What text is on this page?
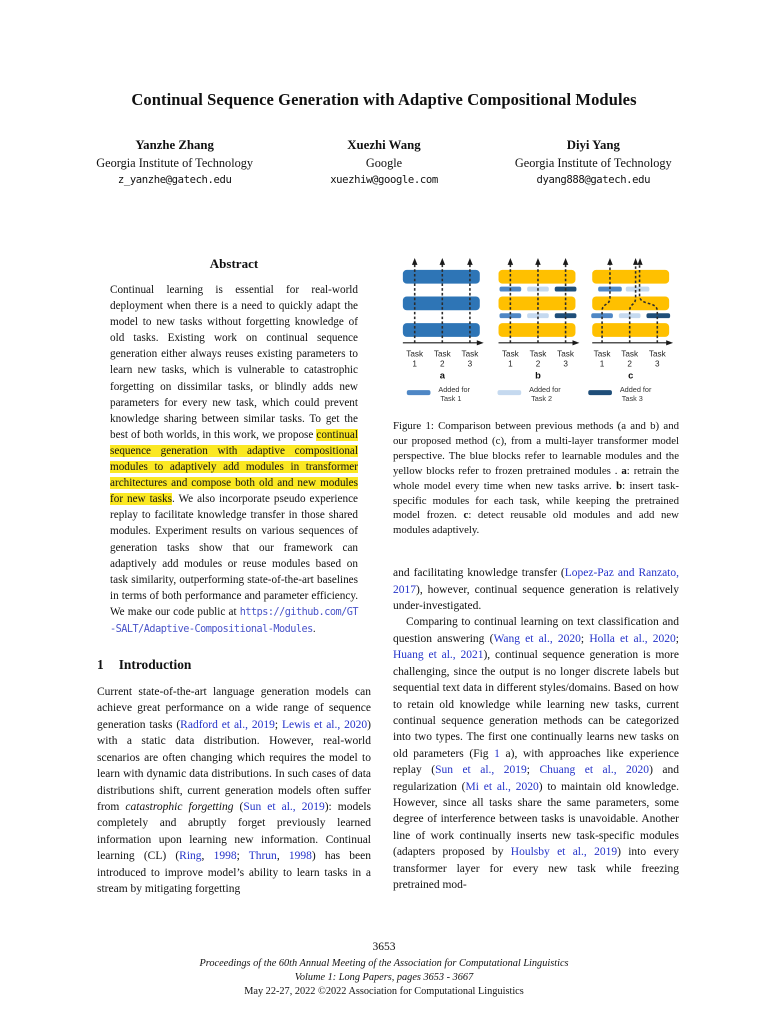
Continual Sequence Generation with Adaptive Compositional Modules
Yanzhe Zhang
Georgia Institute of Technology
z_yanzhe@gatech.edu
Xuezhi Wang
Google
xuezhiw@google.com
Diyi Yang
Georgia Institute of Technology
dyang888@gatech.edu
Abstract
Continual learning is essential for real-world deployment when there is a need to quickly adapt the model to new tasks without forgetting knowledge of old tasks. Existing work on continual sequence generation either always reuses existing parameters to learn new tasks, which is vulnerable to catastrophic forgetting on dissimilar tasks, or blindly adds new parameters for every new task, which could prevent knowledge sharing between similar tasks. To get the best of both worlds, in this work, we propose continual sequence generation with adaptive compositional modules to adaptively add modules in transformer architectures and compose both old and new modules for new tasks. We also incorporate pseudo experience replay to facilitate knowledge transfer in those shared modules. Experiment results on various sequences of generation tasks show that our framework can adaptively add modules or reuse modules based on task similarity, outperforming state-of-the-art baselines in terms of both performance and parameter efficiency. We make our code public at https://github.com/GT-SALT/Adaptive-Compositional-Modules.
1 Introduction
Current state-of-the-art language generation models can achieve great performance on a wide range of sequence generation tasks (Radford et al., 2019; Lewis et al., 2020) with a static data distribution. However, real-world scenarios are often changing which requires the model to learn with dynamic data distributions. In such cases of data distributions shift, current generation models often suffer from catastrophic forgetting (Sun et al., 2019): models completely and abruptly forget previously learned information upon learning new information. Continual learning (CL) (Ring, 1998; Thrun, 1998) has been introduced to improve model’s ability to learn tasks in a stream by mitigating forgetting
Task
1
Task
2
Task
3
a
Task
1
Task
2
Task
3
b
Task
1
Task
2
Task
3
c
Added for
Task 1
Added for
Task 2
Added for
Task 3
Figure 1: Comparison between previous methods (a and b) and our proposed method (c), from a multi-layer transformer model perspective. The blue blocks refer to learnable modules and the yellow blocks refer to frozen pretrained modules . a: retrain the whole model every time when new tasks arrive. b: insert task-specific modules for each task, while keeping the pretrained model frozen. c: detect reusable old modules and add new modules adaptively.
and facilitating knowledge transfer (Lopez-Paz and Ranzato, 2017), however, continual sequence generation is relatively under-investigated.
Comparing to continual learning on text classification and question answering (Wang et al., 2020; Holla et al., 2020; Huang et al., 2021), continual sequence generation is more challenging, since the output is no longer discrete labels but sequential text data in different styles/domains. Based on how to retain old knowledge while learning new tasks, current continual sequence generation methods can be categorized into two types. The first one continually learns new tasks on old parameters (Fig 1 a), with approaches like experience replay (Sun et al., 2019; Chuang et al., 2020) and regularization (Mi et al., 2020) to maintain old knowledge. However, since all tasks share the same parameters, some degree of interference between tasks is unavoidable. Another line of work continually inserts new task-specific modules (adapters proposed by Houlsby et al., 2019) into every transformer layer for every new task while freezing pretrained mod-
3653
Proceedings of the 60th Annual Meeting of the Association for Computational Linguistics
Volume 1: Long Papers, pages 3653 - 3667
May 22-27, 2022 ©2022 Association for Computational Linguistics
